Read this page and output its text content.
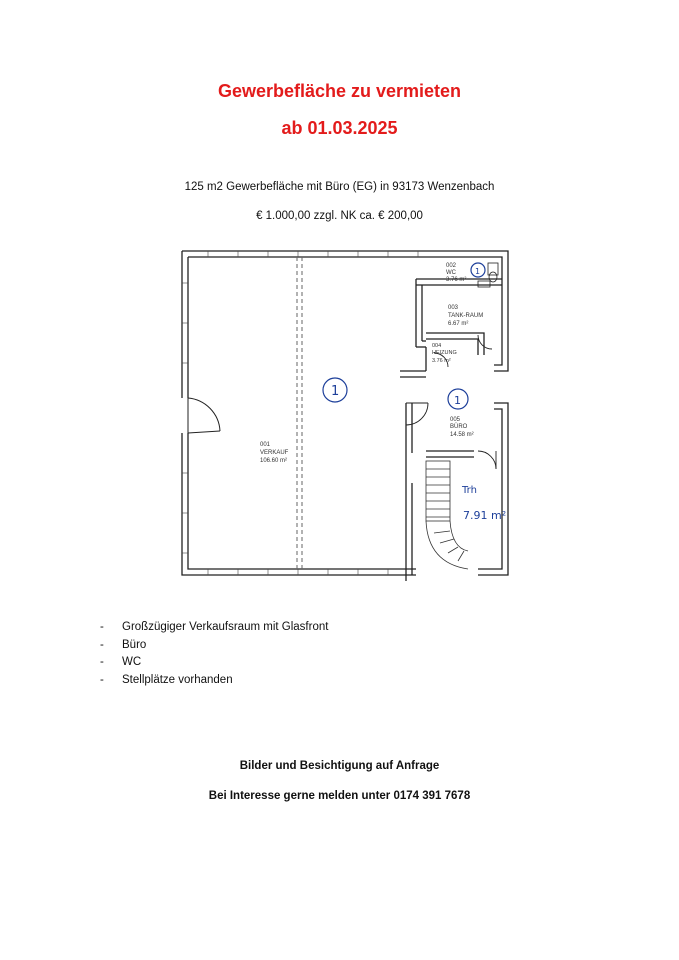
Gewerbefläche zu vermieten
ab 01.03.2025
125 m2 Gewerbefläche mit Büro (EG) in 93173 Wenzenbach
€ 1.000,00 zzgl. NK ca. € 200,00
001
VERKAUF
106.60 m²
002
WC
3.76 m²
003
TANK-RAUM
6.67 m²
004
HEIZUNG
3.76 m²
005
BÜRO
14.58 m²
1
1
1
Trh
7.91 m²
- Großzügiger Verkaufsraum mit Glasfront
- Büro
- WC
- Stellplätze vorhanden
Bilder und Besichtigung auf Anfrage
Bei Interesse gerne melden unter 0174 391 7678
